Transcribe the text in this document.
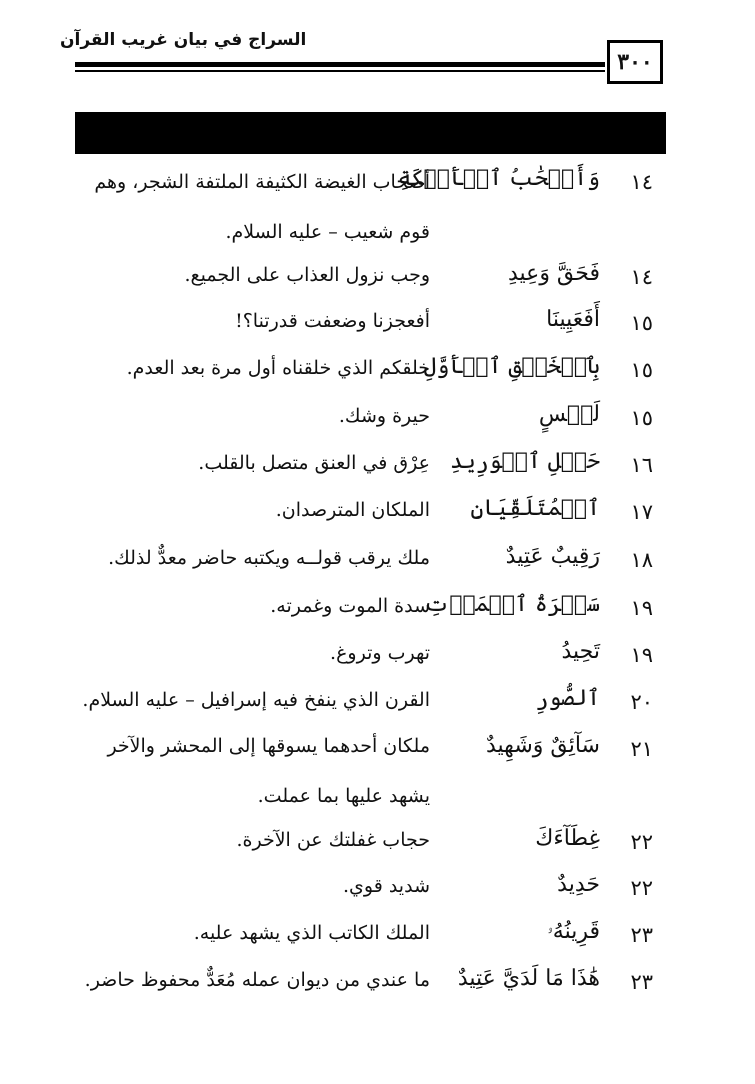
السراج في بيان غريب القرآن
٣٠٠
١٤
وَأَصۡحَٰبُ ٱلۡأَيۡكَةِ
أصحاب الغيضة الكثيفة الملتفة الشجر، وهم قوم شعيب – عليه السلام.
١٤
فَحَقَّ وَعِيدِ
وجب نزول العذاب على الجميع.
١٥
أَفَعَيِينَا
أفعجزنا وضعفت قدرتنا؟!
١٥
بِٱلۡخَلۡقِ ٱلۡأَوَّلِ
خلقكم الذي خلقناه أول مرة بعد العدم.
١٥
لَبۡسٍ
حيرة وشك.
١٦
حَبۡلِ ٱلۡوَرِيدِ
عِرْق في العنق متصل بالقلب.
١٧
ٱلۡمُتَلَقِّيَانِ
الملكان المترصدان.
١٨
رَقِيبٌ عَتِيدٌ
ملك يرقب قولــه ويكتبه حاضر معدٌّ لذلك.
١٩
سَكۡرَةُ ٱلۡمَوۡتِ
سدة الموت وغمرته.
١٩
تَحِيدُ
تهرب وتروغ.
٢٠
ٱلصُّورِ
القرن الذي ينفخ فيه إسرافيل – عليه السلام.
٢١
سَآئِقٌ وَشَهِيدٌ
ملكان أحدهما يسوقها إلى المحشر والآخر يشهد عليها بما عملت.
٢٢
غِطَآءَكَ
حجاب غفلتك عن الآخرة.
٢٢
حَدِيدٌ
شديد قوي.
٢٣
قَرِينُهُۥ
الملك الكاتب الذي يشهد عليه.
٢٣
هَٰذَا مَا لَدَيَّ عَتِيدٌ
ما عندي من ديوان عمله مُعَدٌّ محفوظ حاضر.
